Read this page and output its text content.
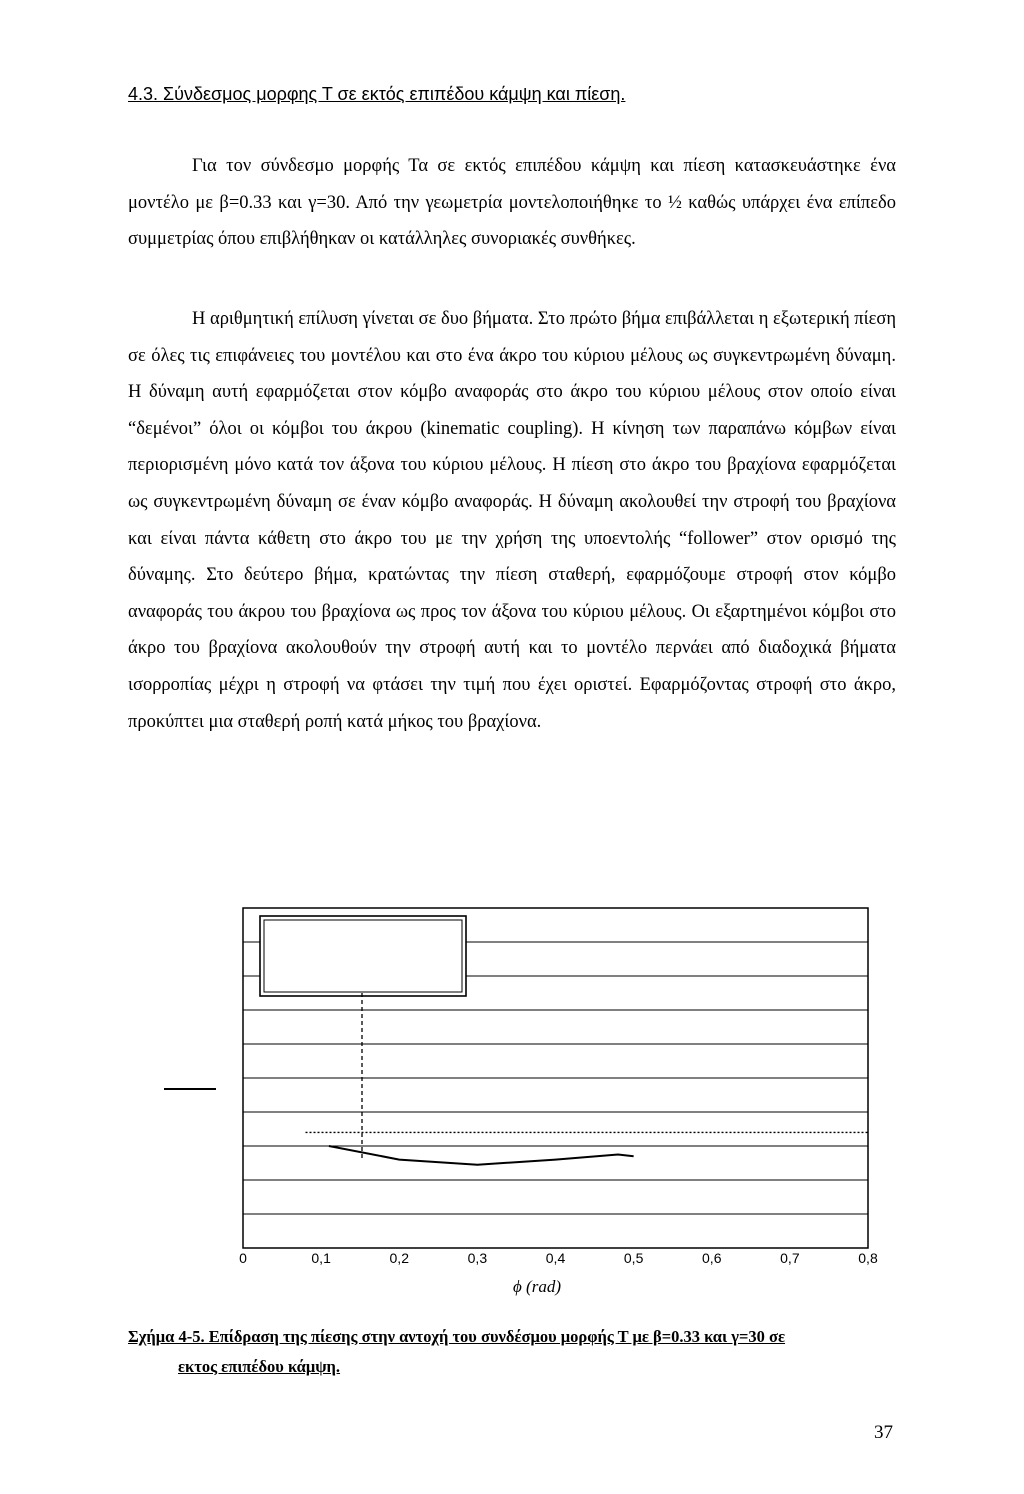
4.3. Σύνδεσμος μορφης Τ σε εκτός επιπέδου κάμψη και πίεση.

Για τον σύνδεσμο μορφής Τα σε εκτός επιπέδου κάμψη και πίεση κατασκευάστηκε ένα μοντέλο με β=0.33 και γ=30. Από την γεωμετρία μοντελοποιήθηκε το ½ καθώς υπάρχει ένα επίπεδο συμμετρίας όπου επιβλήθηκαν οι κατάλληλες συνοριακές συνθήκες.

Η αριθμητική επίλυση γίνεται σε δυο βήματα. Στο πρώτο βήμα επιβάλλεται η εξωτερική πίεση σε όλες τις επιφάνειες του μοντέλου και στο ένα άκρο του κύριου μέλους ως συγκεντρωμένη δύναμη. Η δύναμη αυτή εφαρμόζεται στον κόμβο αναφοράς στο άκρο του κύριου μέλους στον οποίο είναι “δεμένοι” όλοι οι κόμβοι του άκρου (kinematic coupling). Η κίνηση των παραπάνω κόμβων είναι περιορισμένη μόνο κατά τον άξονα του κύριου μέλους. Η πίεση στο άκρο του βραχίονα εφαρμόζεται ως συγκεντρωμένη δύναμη σε έναν κόμβο αναφοράς. Η δύναμη ακολουθεί την στροφή του βραχίονα και είναι πάντα κάθετη στο άκρο του με την χρήση της υποεντολής “follower” στον ορισμό της δύναμης. Στο δεύτερο βήμα, κρατώντας την πίεση σταθερή, εφαρμόζουμε στροφή στον κόμβο αναφοράς του άκρου του βραχίονα ως προς τον άξονα του κύριου μέλους. Οι εξαρτημένοι κόμβοι στο άκρο του βραχίονα ακολουθούν την στροφή αυτή και το μοντέλο περνάει από διαδοχικά βήματα ισορροπίας μέχρι η στροφή να φτάσει την τιμή που έχει οριστεί. Εφαρμόζοντας στροφή στο άκρο, προκύπτει μια σταθερή ροπή κατά μήκος του βραχίονα.

0	0,1	0,2	0,3	0,4	0,5	0,6	0,7	0,8
ϕ (rad)
Σχήμα 4-5. Επίδραση της πίεσης στην αντοχή του συνδέσμου μορφής Τ με β=0.33 και γ=30 σε
εκτος επιπέδου κάμψη.
37
